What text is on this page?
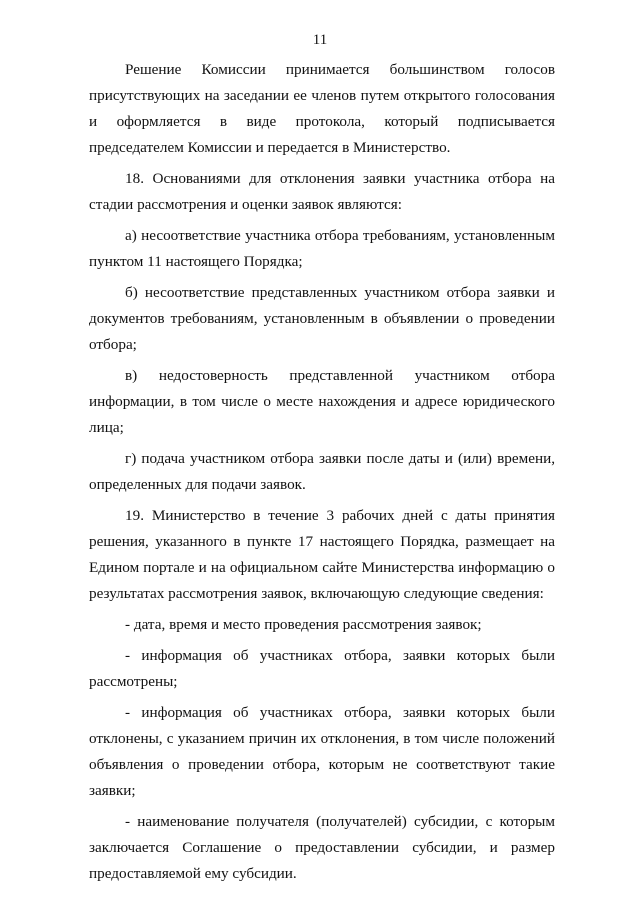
11

Решение Комиссии принимается большинством голосов присутствующих на заседании ее членов путем открытого голосования и оформляется в виде протокола, который подписывается председателем Комиссии и передается в Министерство.

18. Основаниями для отклонения заявки участника отбора на стадии рассмотрения и оценки заявок являются:

а) несоответствие участника отбора требованиям, установленным пунктом 11 настоящего Порядка;

б) несоответствие представленных участником отбора заявки и документов требованиям, установленным в объявлении о проведении отбора;

в) недостоверность представленной участником отбора информации, в том числе о месте нахождения и адресе юридического лица;

г) подача участником отбора заявки после даты и (или) времени, определенных для подачи заявок.

19. Министерство в течение 3 рабочих дней с даты принятия решения, указанного в пункте 17 настоящего Порядка, размещает на Едином портале и на официальном сайте Министерства информацию о результатах рассмотрения заявок, включающую следующие сведения:

- дата, время и место проведения рассмотрения заявок;

- информация об участниках отбора, заявки которых были рассмотрены;

- информация об участниках отбора, заявки которых были отклонены, с указанием причин их отклонения, в том числе положений объявления о проведении отбора, которым не соответствуют такие заявки;

- наименование получателя (получателей) субсидии, с которым заключается Соглашение о предоставлении субсидии, и размер предоставляемой ему субсидии.
